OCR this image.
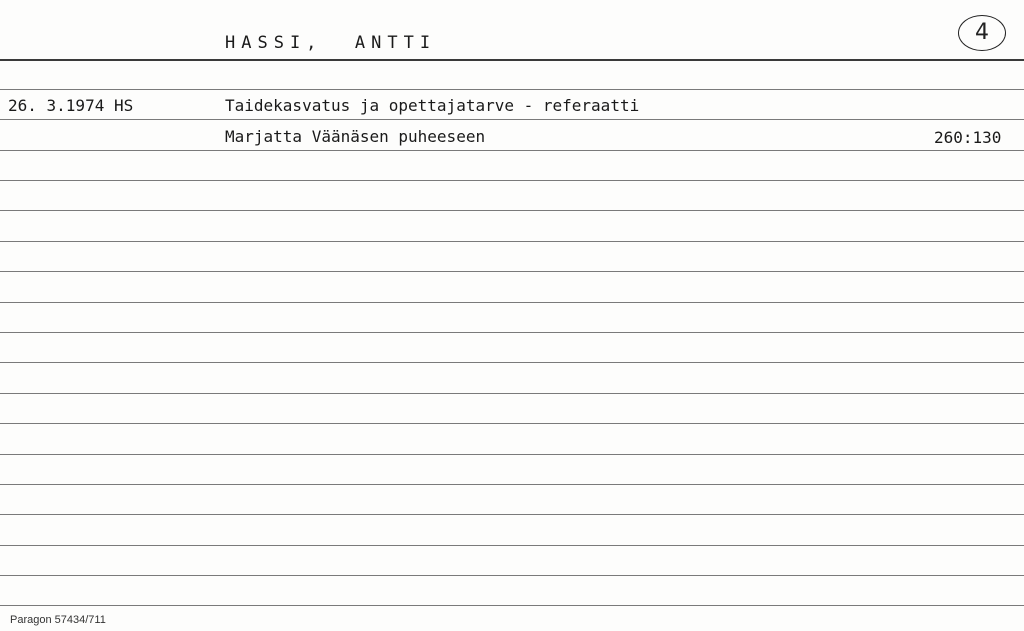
HASSI,  ANTTI	4
26. 3.1974 HS	Taidekasvatus ja opettajatarve - referaatti
Marjatta Väänäsen puheeseen	260:130
Paragon 57434/711
